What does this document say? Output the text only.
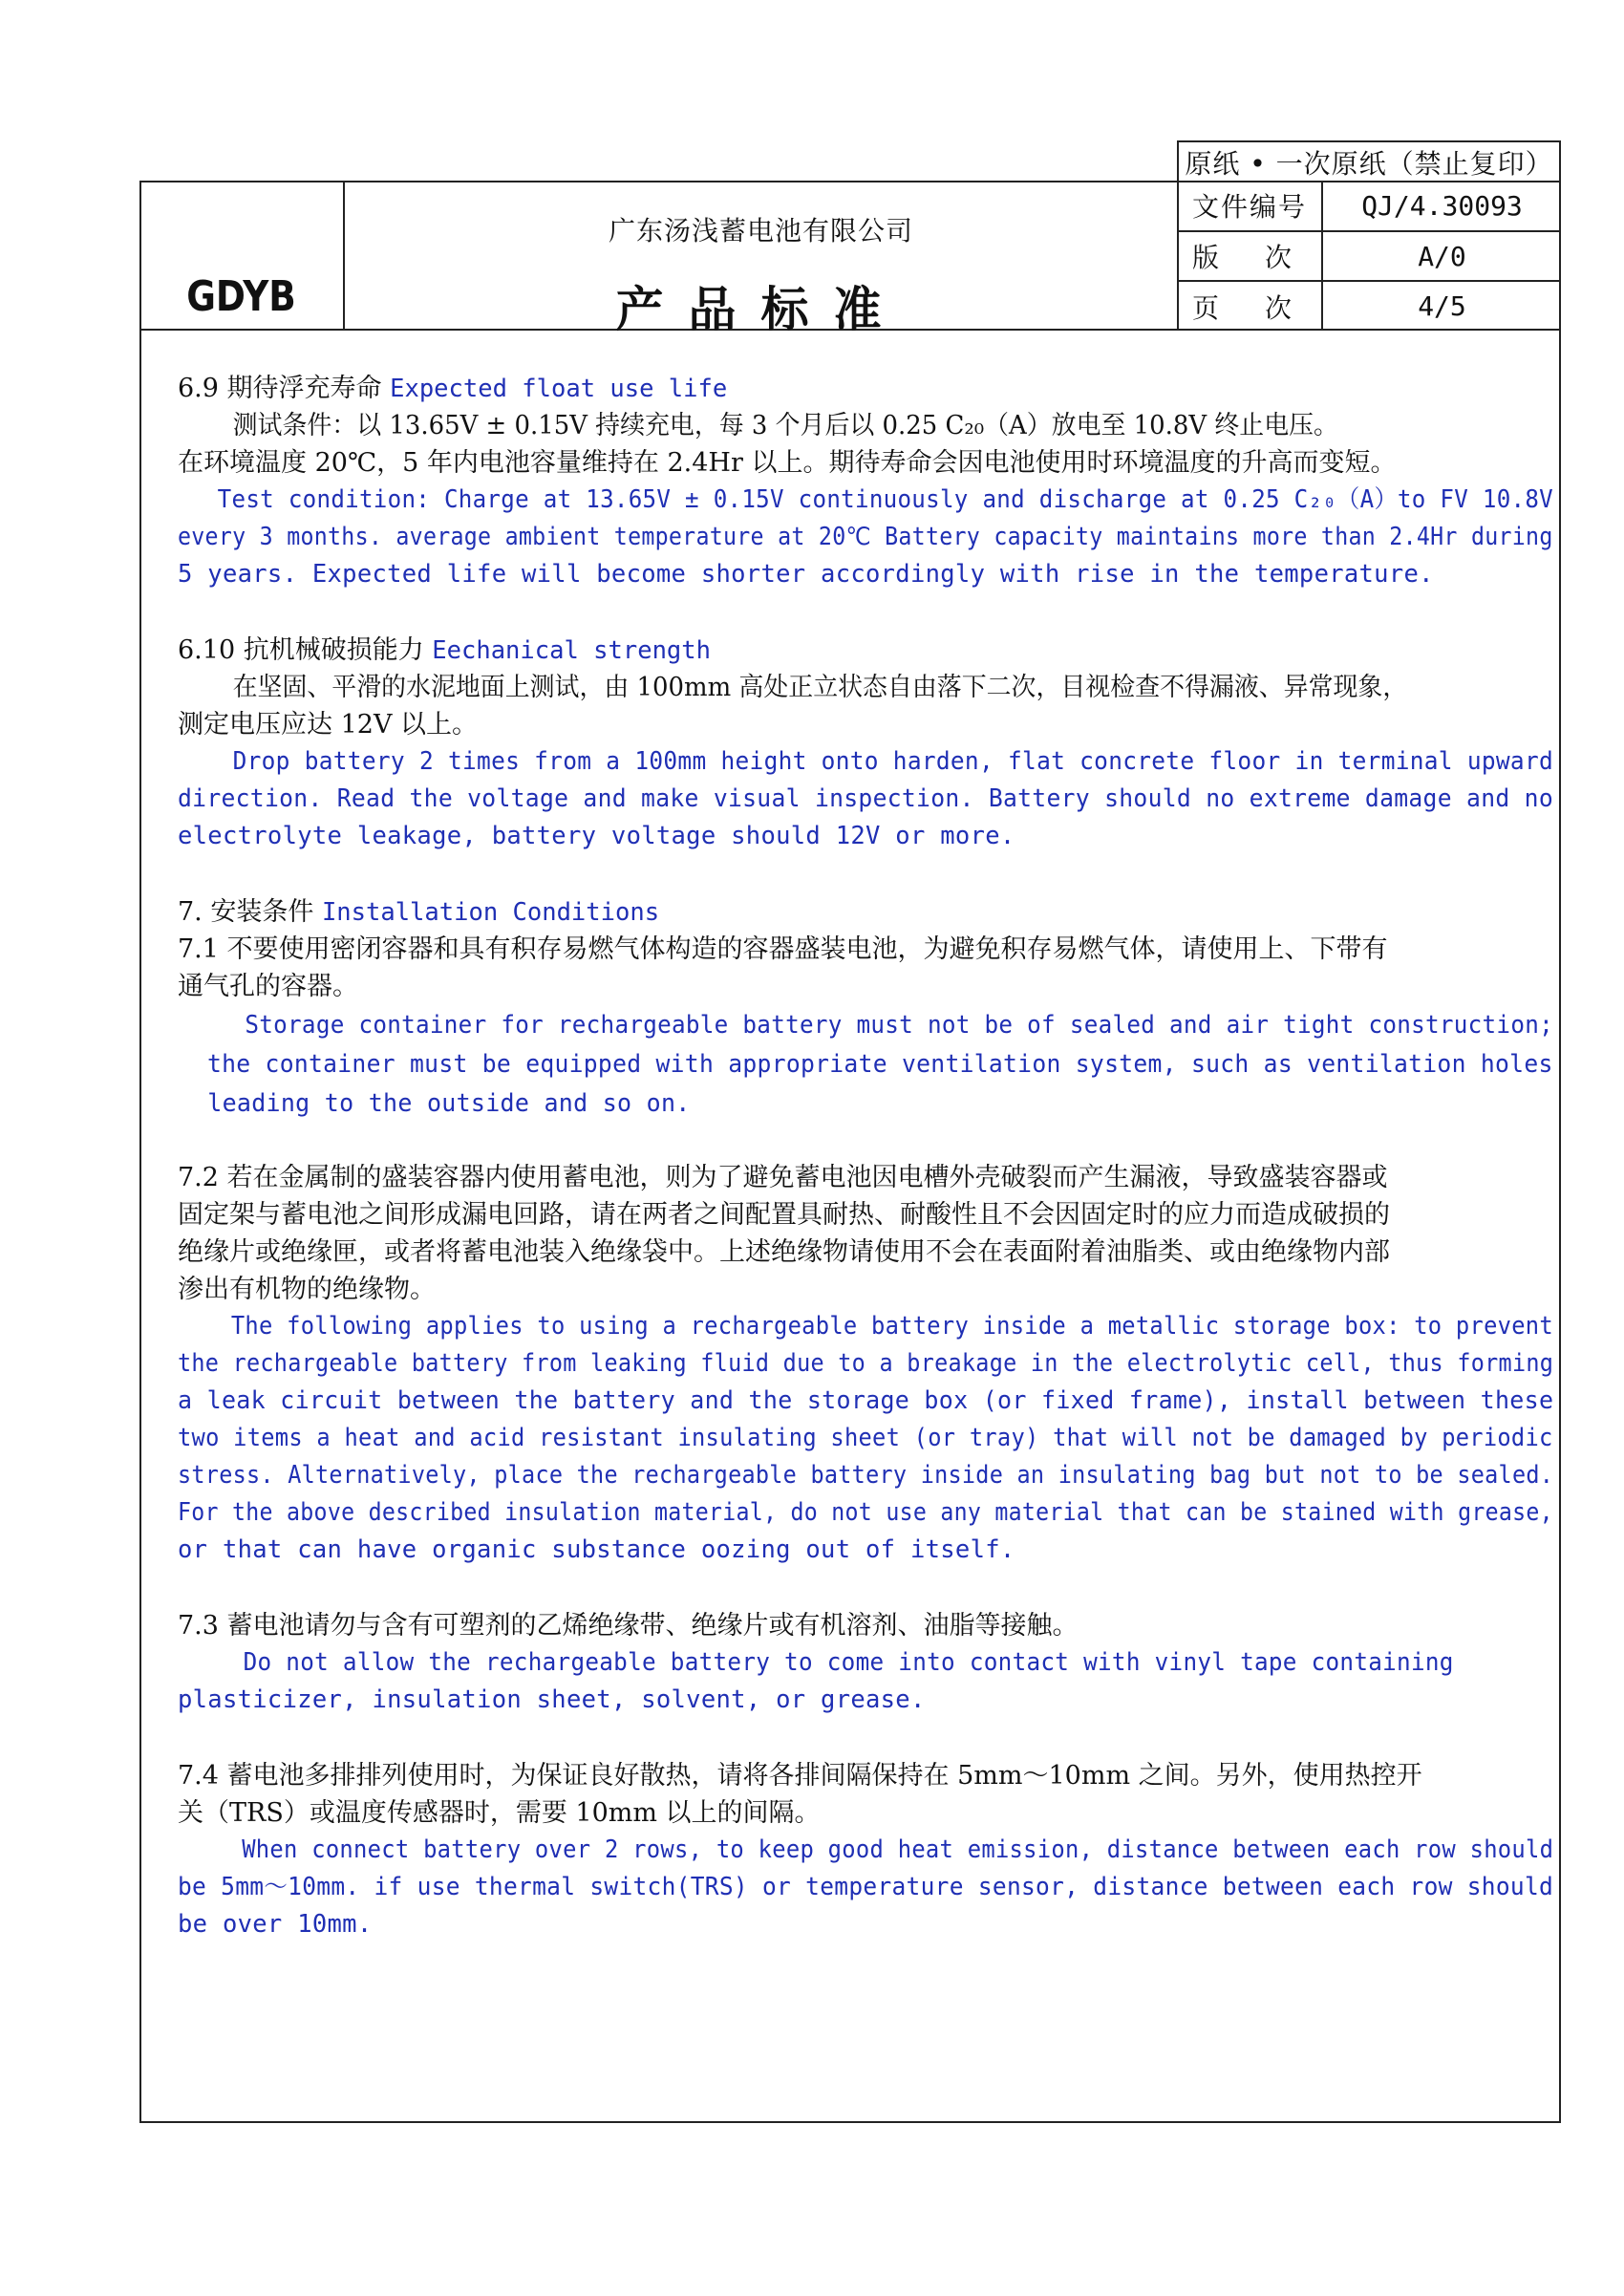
原纸 • 一次原纸（禁止复印）
GDYB
广东汤浅蓄电池有限公司
产品标准
文件编号	QJ/4.30093
版 次	A/0
页 次	4/5
6.9 期待浮充寿命 Expected float use life
测试条件：以 13.65V ± 0.15V 持续充电，每 3 个月后以 0.25 C₂₀（A）放电至 10.8V 终止电压。
在环境温度 20℃，5 年内电池容量维持在 2.4Hr 以上。期待寿命会因电池使用时环境温度的升高而变短。
Test condition: Charge at 13.65V ± 0.15V continuously and discharge at 0.25 C₂₀（A）to FV 10.8V
every 3 months. average ambient temperature at 20℃ Battery capacity maintains more than 2.4Hr during
5 years. Expected life will become shorter accordingly with rise in the temperature.
6.10 抗机械破损能力 Eechanical strength
在坚固、平滑的水泥地面上测试，由 100mm 高处正立状态自由落下二次，目视检查不得漏液、异常现象，
测定电压应达 12V 以上。
Drop battery 2 times from a 100mm height onto harden, flat concrete floor in terminal upward
direction. Read the voltage and make visual inspection. Battery should no extreme damage and no
electrolyte leakage, battery voltage should 12V or more.
7. 安装条件 Installation Conditions
7.1 不要使用密闭容器和具有积存易燃气体构造的容器盛装电池，为避免积存易燃气体，请使用上、下带有
通气孔的容器。
Storage container for rechargeable battery must not be of sealed and air tight construction;
the container must be equipped with appropriate ventilation system, such as ventilation holes
leading to the outside and so on.
7.2 若在金属制的盛装容器内使用蓄电池，则为了避免蓄电池因电槽外壳破裂而产生漏液，导致盛装容器或
固定架与蓄电池之间形成漏电回路，请在两者之间配置具耐热、耐酸性且不会因固定时的应力而造成破损的
绝缘片或绝缘匣，或者将蓄电池装入绝缘袋中。上述绝缘物请使用不会在表面附着油脂类、或由绝缘物内部
渗出有机物的绝缘物。
The following applies to using a rechargeable battery inside a metallic storage box: to prevent
the rechargeable battery from leaking fluid due to a breakage in the electrolytic cell, thus forming
a leak circuit between the battery and the storage box (or fixed frame), install between these
two items a heat and acid resistant insulating sheet (or tray) that will not be damaged by periodic
stress. Alternatively, place the rechargeable battery inside an insulating bag but not to be sealed.
For the above described insulation material, do not use any material that can be stained with grease,
or that can have organic substance oozing out of itself.
7.3 蓄电池请勿与含有可塑剂的乙烯绝缘带、绝缘片或有机溶剂、油脂等接触。
Do not allow the rechargeable battery to come into contact with vinyl tape containing
plasticizer, insulation sheet, solvent, or grease.
7.4 蓄电池多排排列使用时，为保证良好散热，请将各排间隔保持在 5mm～10mm 之间。另外，使用热控开
关（TRS）或温度传感器时，需要 10mm 以上的间隔。
When connect battery over 2 rows, to keep good heat emission, distance between each row should
be 5mm～10mm. if use thermal switch(TRS) or temperature sensor, distance between each row should
be over 10mm.
